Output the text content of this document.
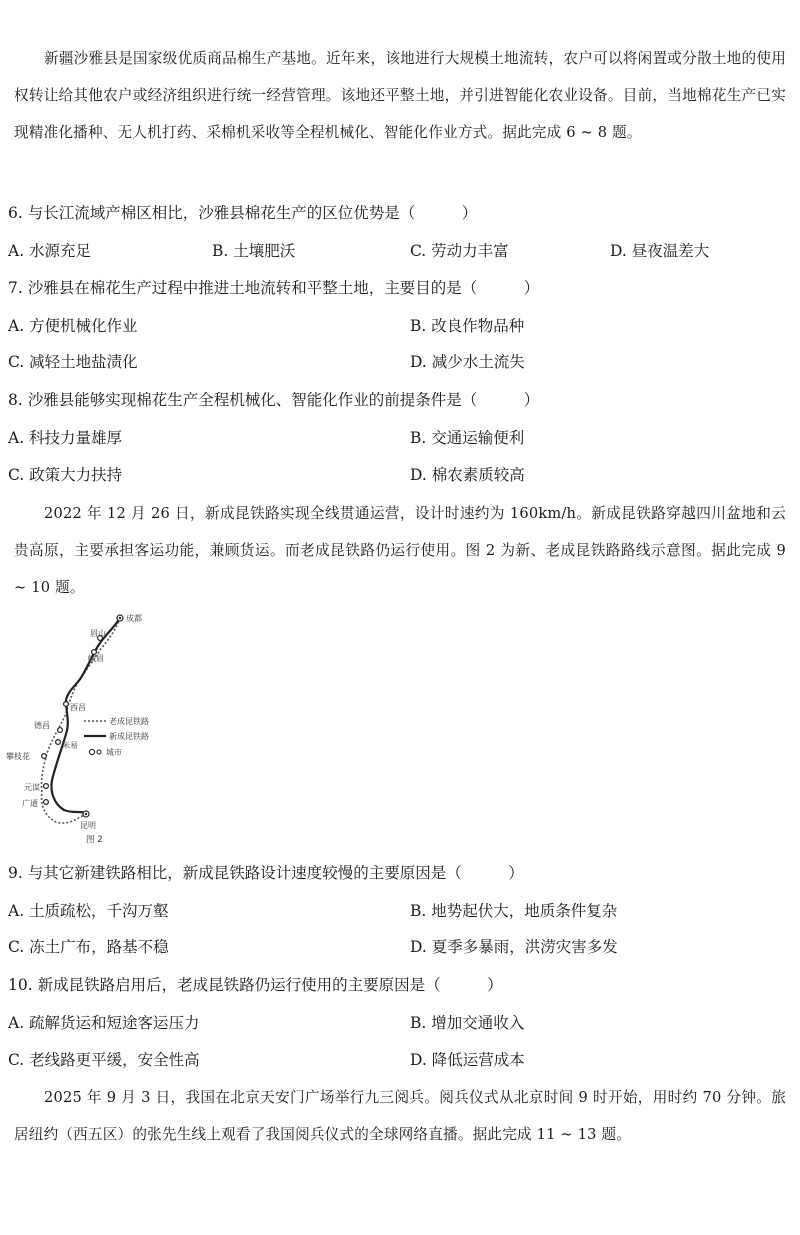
新疆沙雅县是国家级优质商品棉生产基地。近年来，该地进行大规模土地流转，农户可以将闲置或分散土地的使用权转让给其他农户或经济组织进行统一经营管理。该地还平整土地，并引进智能化农业设备。目前，当地棉花生产已实现精准化播种、无人机打药、采棉机采收等全程机械化、智能化作业方式。据此完成 6 ~ 8 题。

6. 与长江流域产棉区相比，沙雅县棉花生产的区位优势是（　　　）
A. 水源充足	B. 土壤肥沃	C. 劳动力丰富	D. 昼夜温差大
7. 沙雅县在棉花生产过程中推进土地流转和平整土地，主要目的是（　　　）
A. 方便机械化作业	B. 改良作物品种
C. 减轻土地盐渍化	D. 减少水土流失
8. 沙雅县能够实现棉花生产全程机械化、智能化作业的前提条件是（　　　）
A. 科技力量雄厚	B. 交通运输便利
C. 政策大力扶持	D. 棉农素质较高

2022 年 12 月 26 日，新成昆铁路实现全线贯通运营，设计时速约为 160km/h。新成昆铁路穿越四川盆地和云贵高原，主要承担客运功能，兼顾货运。而老成昆铁路仍运行使用。图 2 为新、老成昆铁路路线示意图。据此完成 9 ~ 10 题。

成都
眉山
峨眉
西昌
德昌
米易
攀枝花
元谋
广通
昆明
老成昆铁路
新成昆铁路
城市
图 2
9. 与其它新建铁路相比，新成昆铁路设计速度较慢的主要原因是（　　　）
A. 土质疏松，千沟万壑	B. 地势起伏大，地质条件复杂
C. 冻土广布，路基不稳	D. 夏季多暴雨，洪涝灾害多发
10. 新成昆铁路启用后，老成昆铁路仍运行使用的主要原因是（　　　）
A. 疏解货运和短途客运压力	B. 增加交通收入
C. 老线路更平缓，安全性高	D. 降低运营成本

2025 年 9 月 3 日，我国在北京天安门广场举行九三阅兵。阅兵仪式从北京时间 9 时开始，用时约 70 分钟。旅居纽约（西五区）的张先生线上观看了我国阅兵仪式的全球网络直播。据此完成 11 ~ 13 题。
